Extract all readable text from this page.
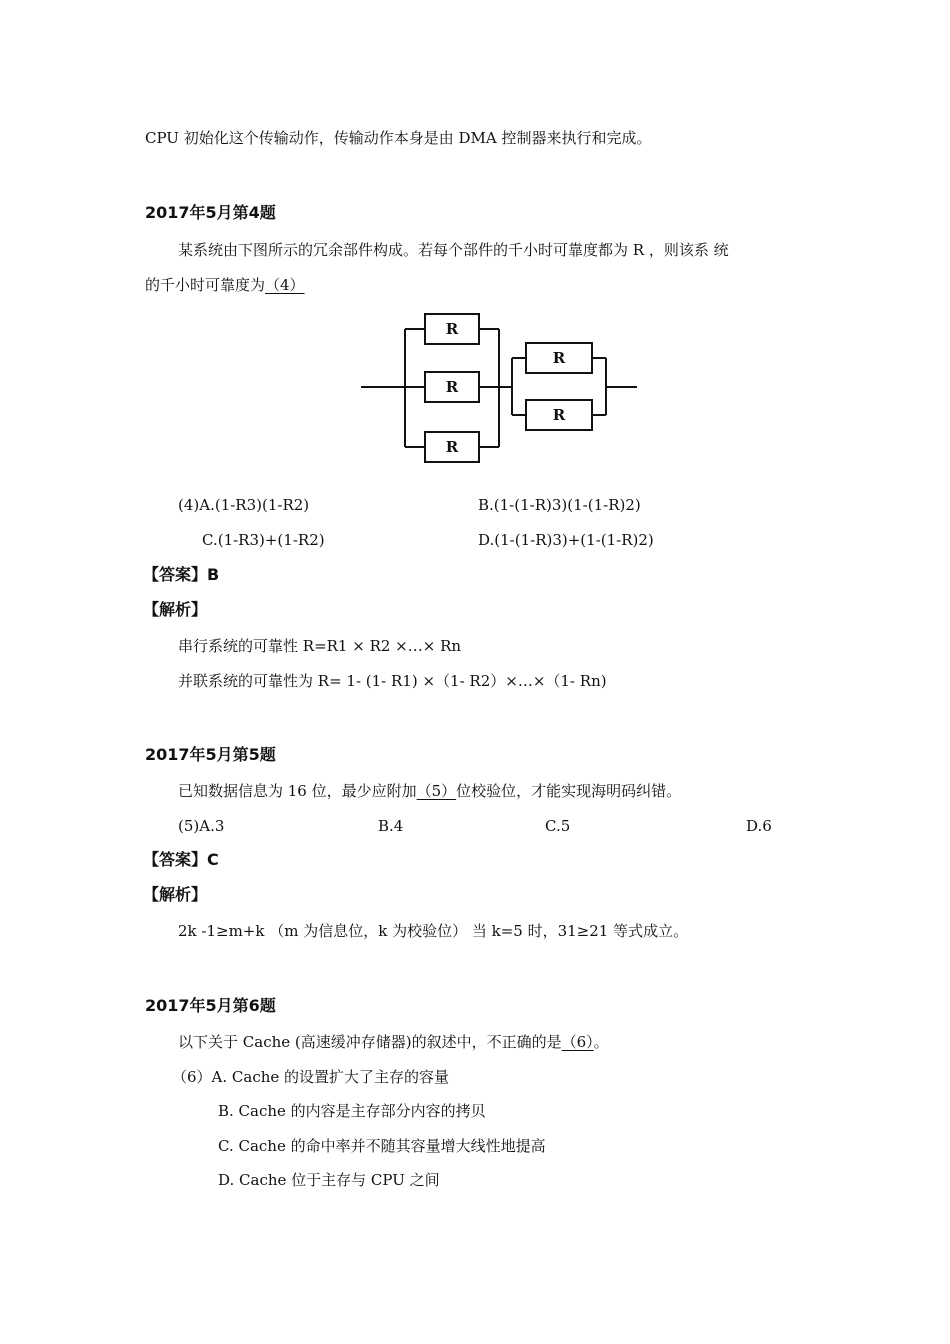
CPU 初始化这个传输动作，传输动作本身是由 DMA 控制器来执行和完成。
2017年5月第4题
某系统由下图所示的冗余部件构成。若每个部件的千小时可靠度都为 R ，则该系 统
的千小时可靠度为（4）
R
R
R
R
R
(4)A.(1-R3)(1-R2)	B.(1-(1-R)3)(1-(1-R)2)
C.(1-R3)+(1-R2)	D.(1-(1-R)3)+(1-(1-R)2)
【答案】B
【解析】
串行系统的可靠性 R=R1 × R2 ×…× Rn
并联系统的可靠性为 R= 1- (1- R1) ×（1- R2）×…×（1- Rn)
2017年5月第5题
已知数据信息为 16 位，最少应附加（5）位校验位，才能实现海明码纠错。
(5)A.3	B.4	C.5	D.6
【答案】C
【解析】
2k -1≥m+k （m 为信息位，k 为校验位） 当 k=5 时，31≥21 等式成立。
2017年5月第6题
以下关于 Cache (高速缓冲存储器)的叙述中，不正确的是（6）。
（6）A. Cache 的设置扩大了主存的容量
B. Cache 的内容是主存部分内容的拷贝
C. Cache 的命中率并不随其容量增大线性地提高
D. Cache 位于主存与 CPU 之间
